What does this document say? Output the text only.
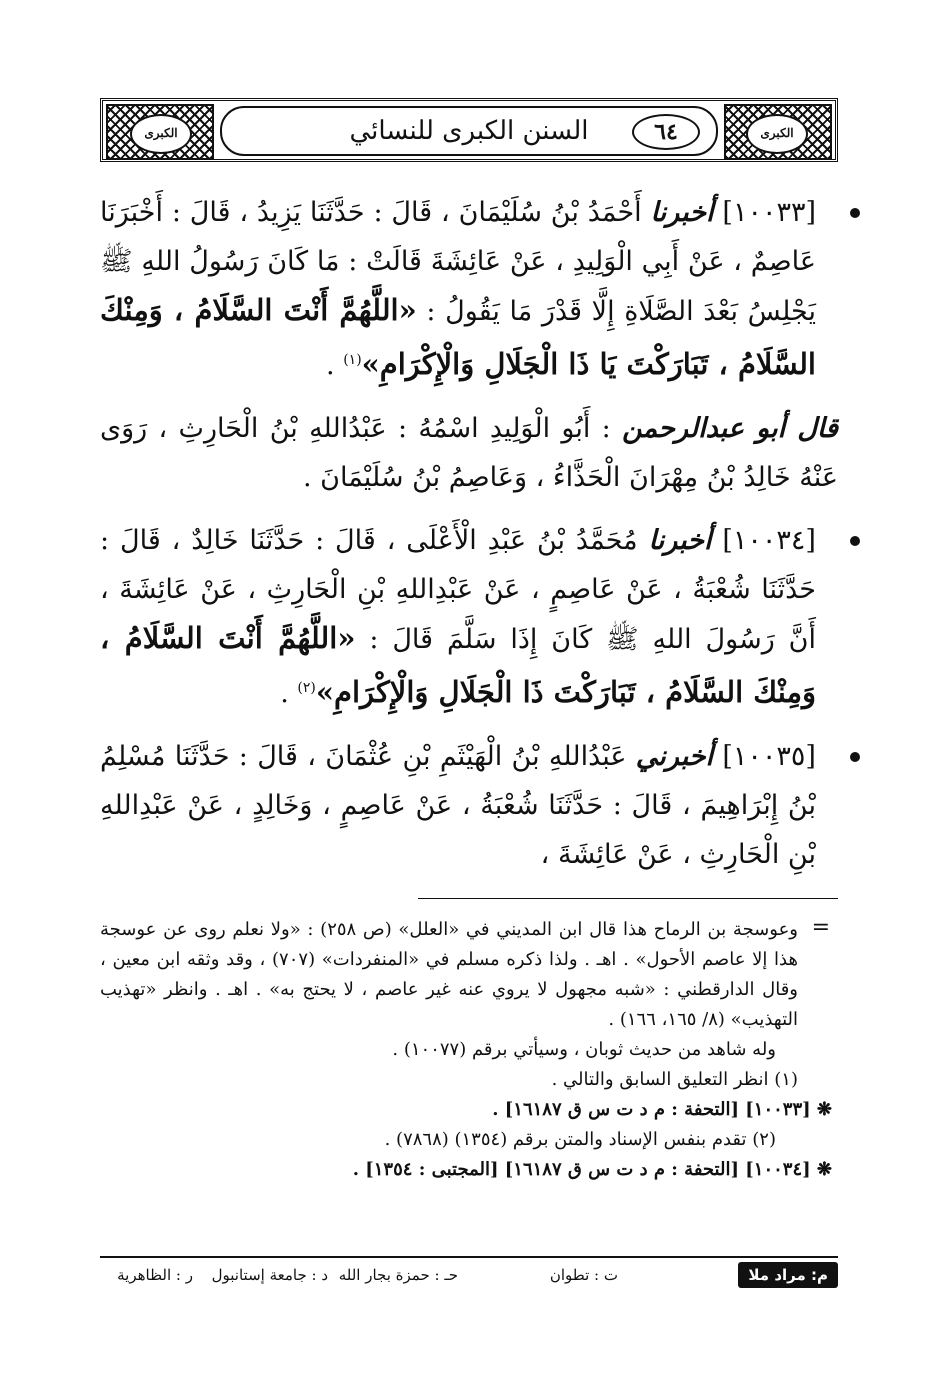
الكبرى	الكبرى
السنن الكبرى للنسائي	٦٤

[١٠٠٣٣] أخبرنا أَحْمَدُ بْنُ سُلَيْمَانَ ، قَالَ : حَدَّثَنَا يَزِيدُ ، قَالَ : أَخْبَرَنَا عَاصِمٌ ، عَنْ أَبِي الْوَلِيدِ ، عَنْ عَائِشَةَ قَالَتْ : مَا كَانَ رَسُولُ اللهِ ﷺ يَجْلِسُ بَعْدَ الصَّلَاةِ إِلَّا قَدْرَ مَا يَقُولُ : «اللَّهُمَّ أَنْتَ السَّلَامُ ، وَمِنْكَ السَّلَامُ ، تَبَارَكْتَ يَا ذَا الْجَلَالِ وَالْإِكْرَامِ»$^{(١)}$ .

قال أبو عبدالرحمن : أَبُو الْوَلِيدِ اسْمُهُ : عَبْدُاللهِ بْنُ الْحَارِثِ ، رَوَى عَنْهُ خَالِدُ بْنُ مِهْرَانَ الْحَذَّاءُ ، وَعَاصِمُ بْنُ سُلَيْمَانَ .

[١٠٠٣٤] أخبرنا مُحَمَّدُ بْنُ عَبْدِ الْأَعْلَى ، قَالَ : حَدَّثَنَا خَالِدٌ ، قَالَ : حَدَّثَنَا شُعْبَةُ ، عَنْ عَاصِمٍ ، عَنْ عَبْدِاللهِ بْنِ الْحَارِثِ ، عَنْ عَائِشَةَ ، أَنَّ رَسُولَ اللهِ ﷺ كَانَ إِذَا سَلَّمَ قَالَ : «اللَّهُمَّ أَنْتَ السَّلَامُ ، وَمِنْكَ السَّلَامُ ، تَبَارَكْتَ ذَا الْجَلَالِ وَالْإِكْرَامِ»$^{(٢)}$ .

[١٠٠٣٥] أخبرني عَبْدُاللهِ بْنُ الْهَيْثَمِ بْنِ عُثْمَانَ ، قَالَ : حَدَّثَنَا مُسْلِمُ بْنُ إِبْرَاهِيمَ ، قَالَ : حَدَّثَنَا شُعْبَةُ ، عَنْ عَاصِمٍ ، وَخَالِدٍ ، عَنْ عَبْدِاللهِ بْنِ الْحَارِثِ ، عَنْ عَائِشَةَ ،

=

وعوسجة بن الرماح هذا قال ابن المديني في «العلل» (ص ٢٥٨) : «ولا نعلم روى عن عوسجة هذا إلا عاصم الأحول» . اهـ . ولذا ذكره مسلم في «المنفردات» (٧٠٧) ، وقد وثقه ابن معين ، وقال الدارقطني : «شبه مجهول لا يروي عنه غير عاصم ، لا يحتج به» . اهـ . وانظر «تهذيب التهذيب» (٨/ ١٦٥، ١٦٦) .

وله شاهد من حديث ثوبان ، وسيأتي برقم (١٠٠٧٧) .

(١) انظر التعليق السابق والتالي .

❋ [١٠٠٣٣] [التحفة : م د ت س ق ١٦١٨٧] .

(٢) تقدم بنفس الإسناد والمتن برقم (١٣٥٤) (٧٨٦٨) .

❋ [١٠٠٣٤] [التحفة : م د ت س ق ١٦١٨٧] [المجتبى : ١٣٥٤] .

م: مراد ملا
ت : تطوان
حـ : حمزة بجار الله
د : جامعة إستانبول
ر : الظاهرية
